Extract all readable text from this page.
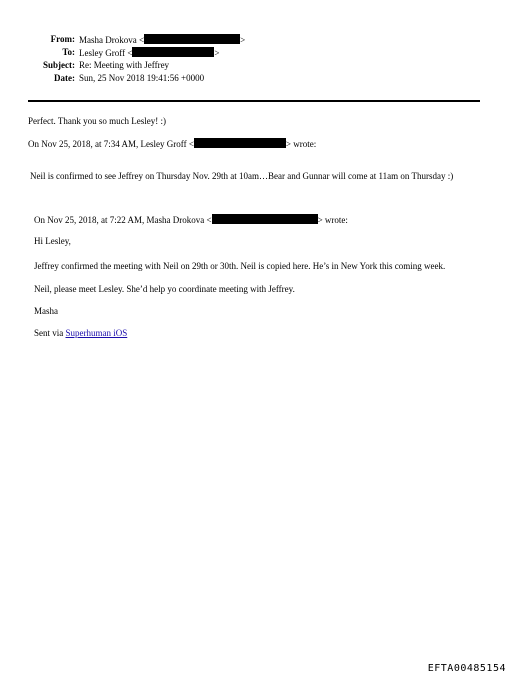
From: Masha Drokova <	>
To: Lesley Groff <	>
Subject: Re: Meeting with Jeffrey
Date: Sun, 25 Nov 2018 19:41:56 +0000
Perfect. Thank you so much Lesley! :)
On Nov 25, 2018, at 7:34 AM, Lesley Groff <	> wrote:
Neil is confirmed to see Jeffrey on Thursday Nov. 29th at 10am…Bear and Gunnar will come at 11am on Thursday :)
On Nov 25, 2018, at 7:22 AM, Masha Drokova <	> wrote:
Hi Lesley,
Jeffrey confirmed the meeting with Neil on 29th or 30th. Neil is copied here. He’s in New York this coming week.
Neil, please meet Lesley. She’d help yo coordinate meeting with Jeffrey.
Masha
Sent via Superhuman iOS
EFTA00485154
